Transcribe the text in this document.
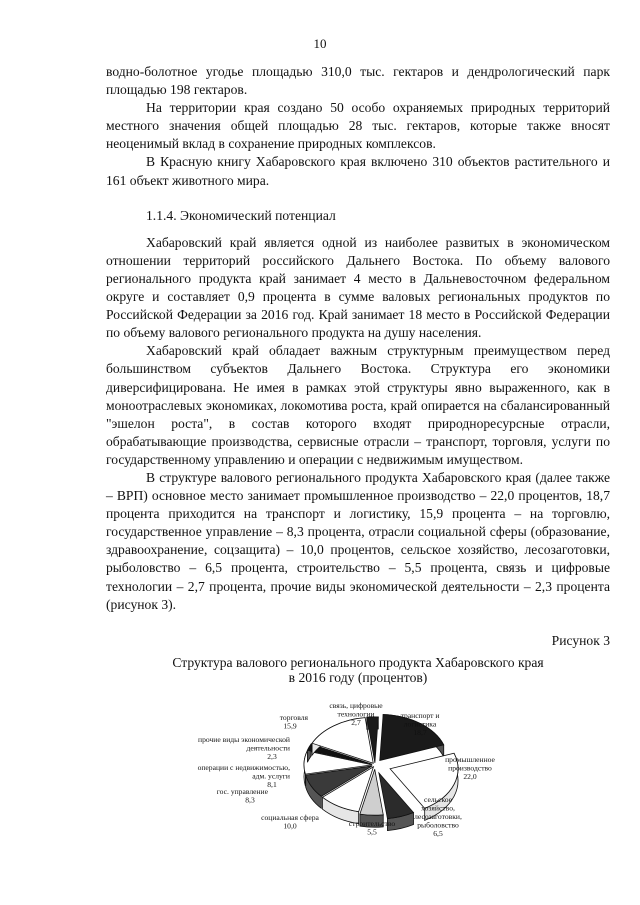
10

водно-болотное угодье площадью 310,0 тыс. гектаров и дендрологический парк площадью 198 гектаров.

На территории края создано 50 особо охраняемых природных территорий местного значения общей площадью 28 тыс. гектаров, которые также вносят неоценимый вклад в сохранение природных комплексов.

В Красную книгу Хабаровского края включено 310 объектов растительного и 161 объект животного мира.

1.1.4. Экономический потенциал

Хабаровский край является одной из наиболее развитых в экономическом отношении территорий российского Дальнего Востока. По объему валового регионального продукта край занимает 4 место в Дальневосточном федеральном округе и составляет 0,9 процента в сумме валовых региональных продуктов по Российской Федерации за 2016 год. Край занимает 18 место в Российской Федерации по объему валового регионального продукта на душу населения.

Хабаровский край обладает важным структурным преимуществом перед большинством субъектов Дальнего Востока. Структура его экономики диверсифицирована. Не имея в рамках этой структуры явно выраженного, как в моноотраслевых экономиках, локомотива роста, край опирается на сбалансированный "эшелон роста", в состав которого входят природноресурсные отрасли, обрабатывающие производства, сервисные отрасли – транспорт, торговля, услуги по государственному управлению и операции с недвижимым имуществом.

В структуре валового регионального продукта Хабаровского края (далее также – ВРП) основное место занимает промышленное производство – 22,0 процентов, 18,7 процента приходится на транспорт и логистику, 15,9 процента – на торговлю, государственное управление – 8,3 процента, отрасли социальной сферы (образование, здравоохранение, соцзащита) – 10,0 процентов, сельское хозяйство, лесозаготовки, рыболовство – 6,5 процента, строительство – 5,5 процента, связь и цифровые технологии – 2,7 процента, прочие виды экономической деятельности – 2,3 процента (рисунок 3).

Рисунок 3
Структура валового регионального продукта Хабаровского края
в 2016 году (процентов)
транспорт и
логистика
18,7
промышленное
производство
22,0
сельское
хозяйство,
лесозаготовки,
рыболовство
6,5
строительство
5,5
социальная сфера
10,0
гос. управление
8,3
операции с недвижимостью,
адм. услуги
8,1
прочие виды экономической
деятельности
2,3
торговля
15,9
связь, цифровые
технологии
2,7
